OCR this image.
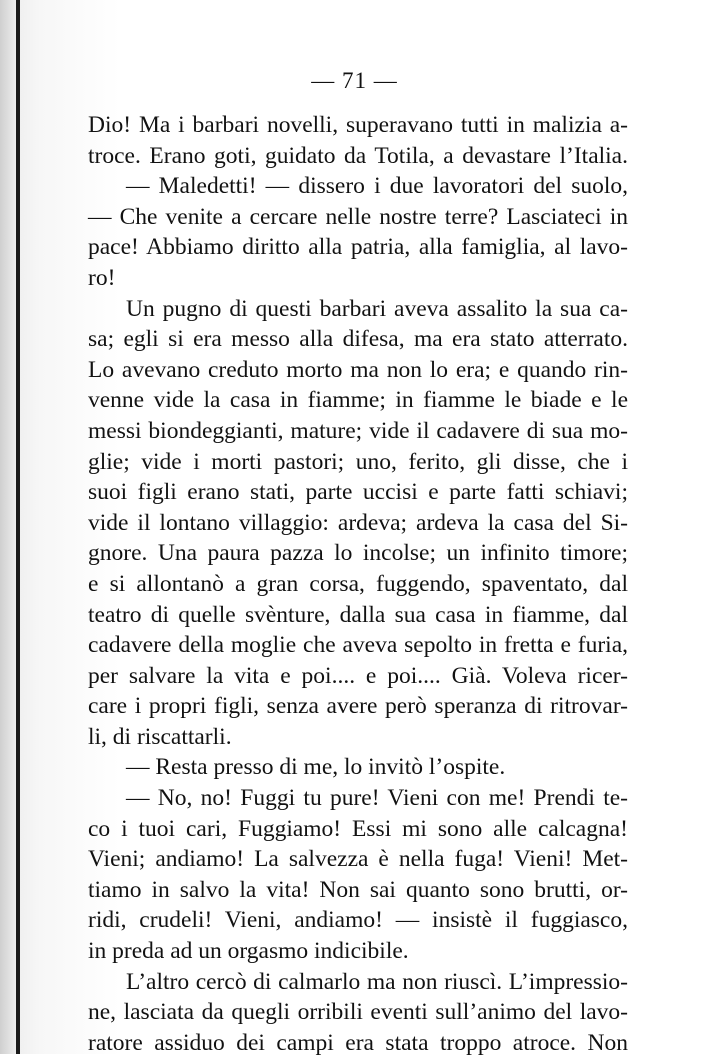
— 71 —
Dio! Ma i barbari novelli, superavano tutti in malizia a-
troce. Erano goti, guidato da Totila, a devastare l’Italia.
— Maledetti! — dissero i due lavoratori del suolo,
— Che venite a cercare nelle nostre terre? Lasciateci in
pace! Abbiamo diritto alla patria, alla famiglia, al lavo-
ro!
Un pugno di questi barbari aveva assalito la sua ca-
sa; egli si era messo alla difesa, ma era stato atterrato.
Lo avevano creduto morto ma non lo era; e quando rin-
venne vide la casa in fiamme; in fiamme le biade e le
messi biondeggianti, mature; vide il cadavere di sua mo-
glie; vide i morti pastori; uno, ferito, gli disse, che i
suoi figli erano stati, parte uccisi e parte fatti schiavi;
vide il lontano villaggio: ardeva; ardeva la casa del Si-
gnore. Una paura pazza lo incolse; un infinito timore;
e si allontanò a gran corsa, fuggendo, spaventato, dal
teatro di quelle svènture, dalla sua casa in fiamme, dal
cadavere della moglie che aveva sepolto in fretta e furia,
per salvare la vita e poi.... e poi.... Già. Voleva ricer-
care i propri figli, senza avere però speranza di ritrovar-
li, di riscattarli.
— Resta presso di me, lo invitò l’ospite.
— No, no! Fuggi tu pure! Vieni con me! Prendi te-
co i tuoi cari, Fuggiamo! Essi mi sono alle calcagna!
Vieni; andiamo! La salvezza è nella fuga! Vieni! Met-
tiamo in salvo la vita! Non sai quanto sono brutti, or-
ridi, crudeli! Vieni, andiamo! — insistè il fuggiasco,
in preda ad un orgasmo indicibile.
L’altro cercò di calmarlo ma non riuscì. L’impressio-
ne, lasciata da quegli orribili eventi sull’animo del lavo-
ratore assiduo dei campi era stata troppo atroce. Non
